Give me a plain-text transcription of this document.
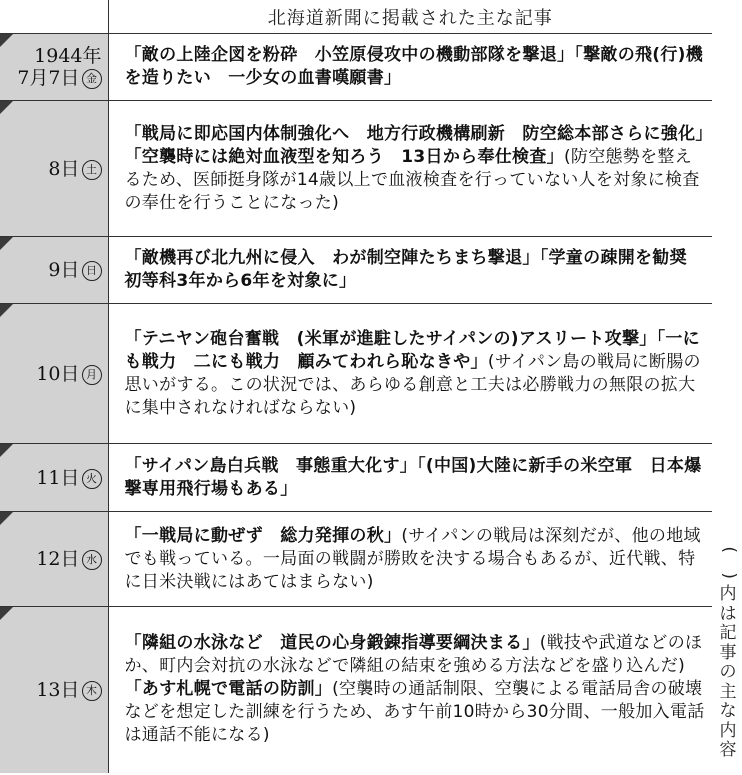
	北海道新聞に掲載された主な記事

1944年
7月7日 金	「敵の上陸企図を粉砕　小笠原侵攻中の機動部隊を撃退」「撃敵の飛(行)機を造りたい　一少女の血書嘆願書」
8日 土	「戦局に即応国内体制強化へ　地方行政機構刷新　防空総本部さらに強化」「空襲時には絶対血液型を知ろう　13日から奉仕検査」(防空態勢を整えるため、医師挺身隊が14歳以上で血液検査を行っていない人を対象に検査の奉仕を行うことになった)
9日 日	「敵機再び北九州に侵入　わが制空陣たちまち撃退」「学童の疎開を勧奨　初等科3年から6年を対象に」
10日 月	「テニヤン砲台奮戦　(米軍が進駐したサイパンの)アスリート攻撃」「一にも戦力　二にも戦力　顧みてわれら恥なきや」(サイパン島の戦局に断腸の思いがする。この状況では、あらゆる創意と工夫は必勝戦力の無限の拡大に集中されなければならない)
11日 火	「サイパン島白兵戦　事態重大化す」「(中国)大陸に新手の米空軍　日本爆撃専用飛行場もある」
12日 水	「一戦局に動ぜず　総力発揮の秋」(サイパンの戦局は深刻だが、他の地域でも戦っている。一局面の戦闘が勝敗を決する場合もあるが、近代戦、特に日米決戦にはあてはまらない)
13日 木	「隣組の水泳など　道民の心身鍛錬指導要綱決まる」(戦技や武道などのほか、町内会対抗の水泳などで隣組の結束を強める方法などを盛り込んだ)「あす札幌で電話の防訓」(空襲時の通話制限、空襲による電話局舎の破壊などを想定した訓練を行うため、あす午前10時から30分間、一般加入電話は通話不能になる)
(

)
内
は
記
事
の
主
な
内
容
